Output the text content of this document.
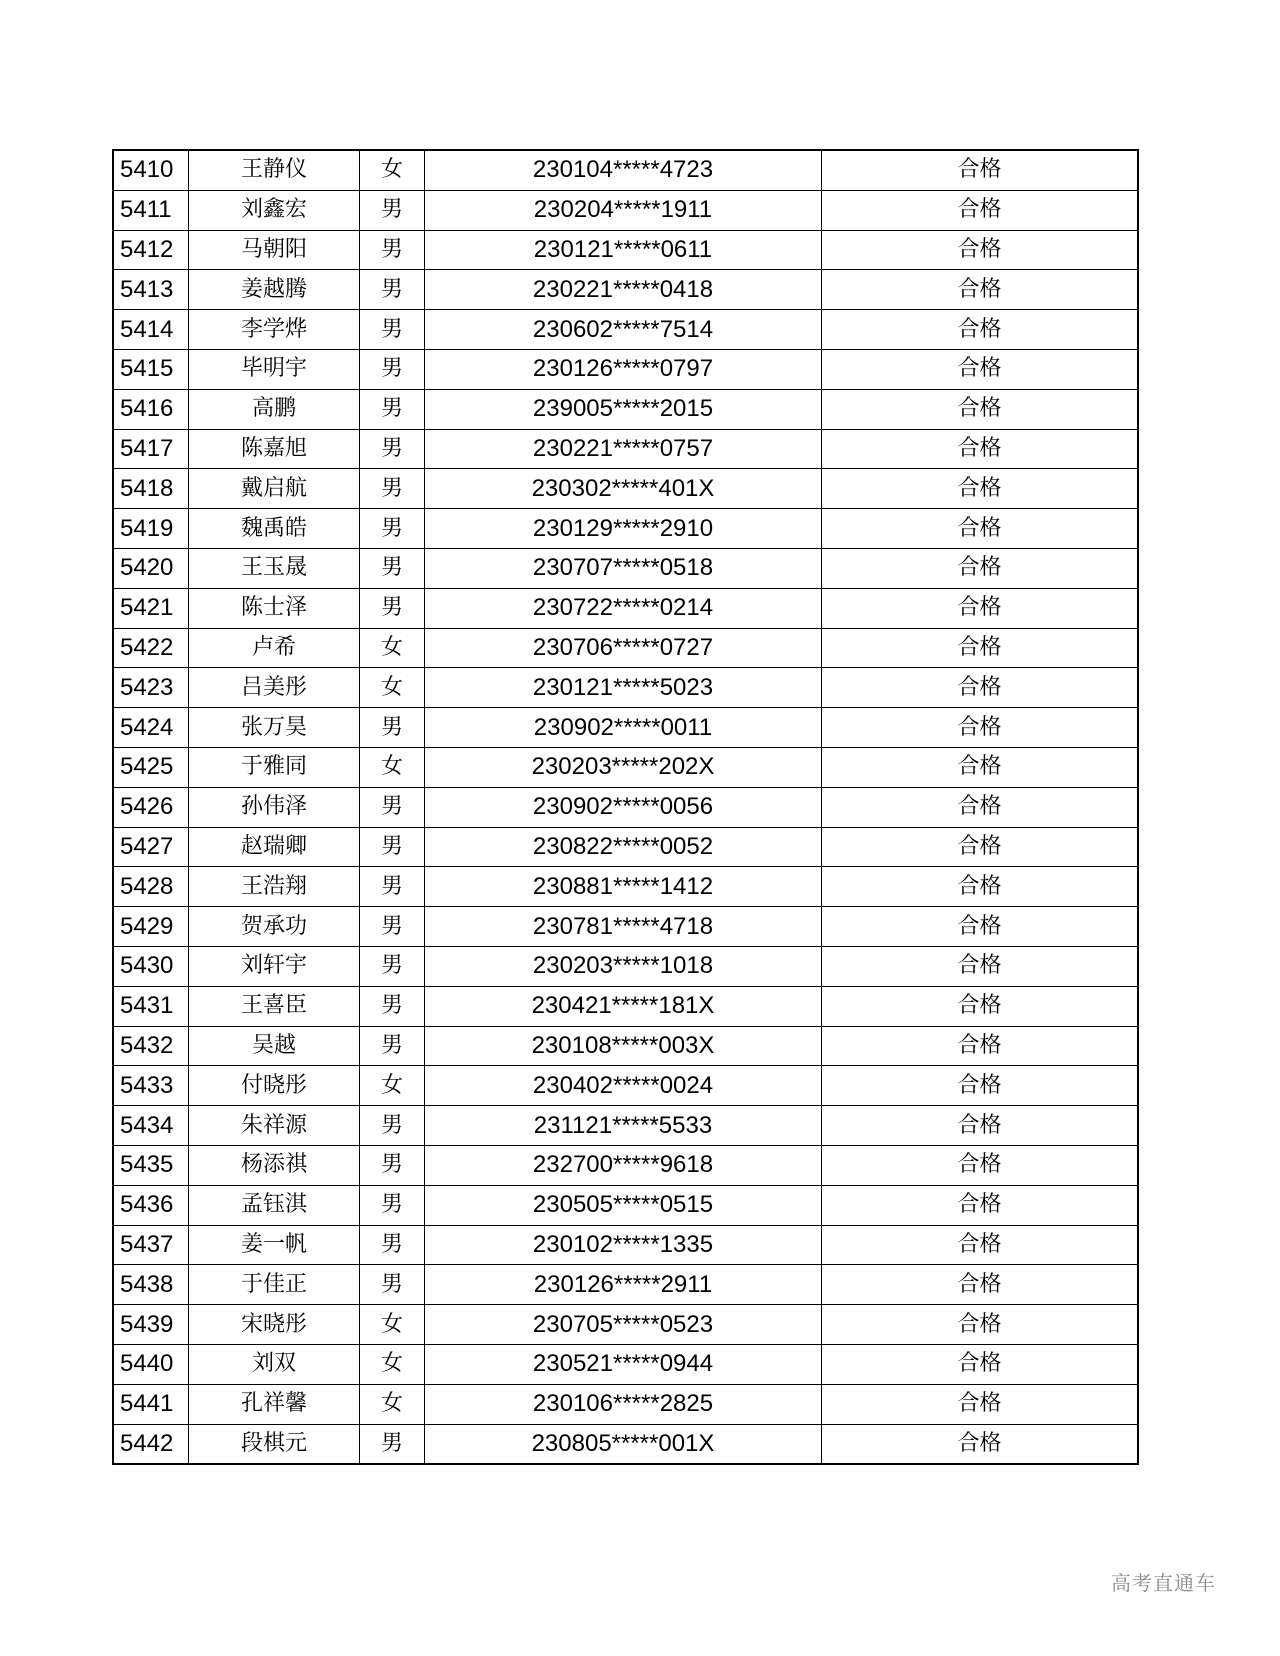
5410	王静仪	女	230104*****4723	合格
5411	刘鑫宏	男	230204*****1911	合格
5412	马朝阳	男	230121*****0611	合格
5413	姜越腾	男	230221*****0418	合格
5414	李学烨	男	230602*****7514	合格
5415	毕明宇	男	230126*****0797	合格
5416	高鹏	男	239005*****2015	合格
5417	陈嘉旭	男	230221*****0757	合格
5418	戴启航	男	230302*****401X	合格
5419	魏禹皓	男	230129*****2910	合格
5420	王玉晟	男	230707*****0518	合格
5421	陈士泽	男	230722*****0214	合格
5422	卢希	女	230706*****0727	合格
5423	吕美彤	女	230121*****5023	合格
5424	张万昊	男	230902*****0011	合格
5425	于雅同	女	230203*****202X	合格
5426	孙伟泽	男	230902*****0056	合格
5427	赵瑞卿	男	230822*****0052	合格
5428	王浩翔	男	230881*****1412	合格
5429	贺承功	男	230781*****4718	合格
5430	刘轩宇	男	230203*****1018	合格
5431	王喜臣	男	230421*****181X	合格
5432	吴越	男	230108*****003X	合格
5433	付晓彤	女	230402*****0024	合格
5434	朱祥源	男	231121*****5533	合格
5435	杨添祺	男	232700*****9618	合格
5436	孟钰淇	男	230505*****0515	合格
5437	姜一帆	男	230102*****1335	合格
5438	于佳正	男	230126*****2911	合格
5439	宋晓彤	女	230705*****0523	合格
5440	刘双	女	230521*****0944	合格
5441	孔祥馨	女	230106*****2825	合格
5442	段棋元	男	230805*****001X	合格
高考直通车
